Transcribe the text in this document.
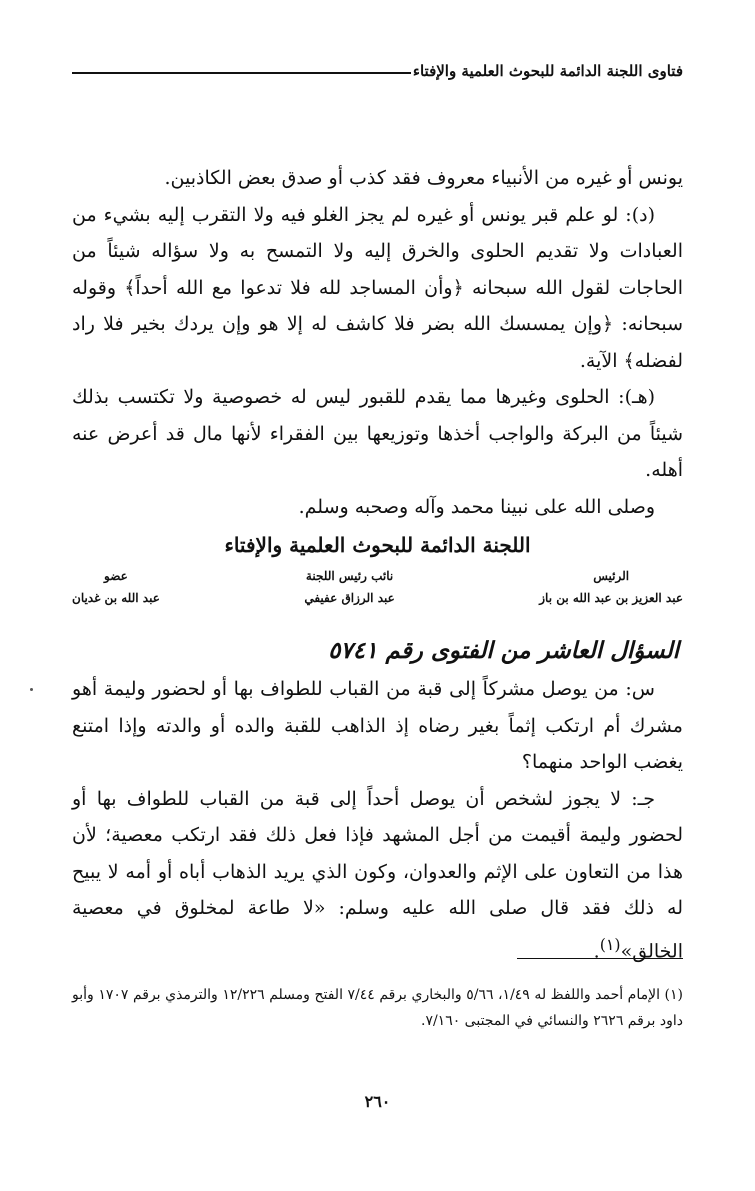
فتاوى اللجنة الدائمة للبحوث العلمية والإفتاء

يونس أو غيره من الأنبياء معروف فقد كذب أو صدق بعض الكاذبين.

(د): لو علم قبر يونس أو غيره لم يجز الغلو فيه ولا التقرب إليه بشيء من العبادات ولا تقديم الحلوى والخرق إليه ولا التمسح به ولا سؤاله شيئاً من الحاجات لقول الله سبحانه ﴿وأن المساجد لله فلا تدعوا مع الله أحداً﴾ وقوله سبحانه: ﴿وإن يمسسك الله بضر فلا كاشف له إلا هو وإن يردك بخير فلا راد لفضله﴾ الآية.

(هـ): الحلوى وغيرها مما يقدم للقبور ليس له خصوصية ولا تكتسب بذلك شيئاً من البركة والواجب أخذها وتوزيعها بين الفقراء لأنها مال قد أعرض عنه أهله.

وصلى الله على نبينا محمد وآله وصحبه وسلم.

اللجنة الدائمة للبحوث العلمية والإفتاء
الرئيس
عبد العزيز بن عبد الله بن باز
نائب رئيس اللجنة
عبد الرزاق عفيفي
عضو
عبد الله بن غديان
السؤال العاشر من الفتوى رقم ٥٧٤١

س: من يوصل مشركاً إلى قبة من القباب للطواف بها أو لحضور وليمة أهو مشرك أم ارتكب إثماً بغير رضاه إذ الذاهب للقبة والده أو والدته وإذا امتنع يغضب الواحد منهما؟

جـ: لا يجوز لشخص أن يوصل أحداً إلى قبة من القباب للطواف بها أو لحضور وليمة أقيمت من أجل المشهد فإذا فعل ذلك فقد ارتكب معصية؛ لأن هذا من التعاون على الإثم والعدوان، وكون الذي يريد الذهاب أباه أو أمه لا يبيح له ذلك فقد قال صلى الله عليه وسلم: «لا طاعة لمخلوق في معصية الخالق»$^{(١)}$.

(١) الإمام أحمد واللفظ له ١/٤٩، ٥/٦٦ والبخاري برقم ٧/٤٤ الفتح ومسلم ١٢/٢٢٦ والترمذي برقم ١٧٠٧ وأبو داود برقم ٢٦٢٦ والنسائي في المجتبى ٧/١٦٠.

٢٦٠
